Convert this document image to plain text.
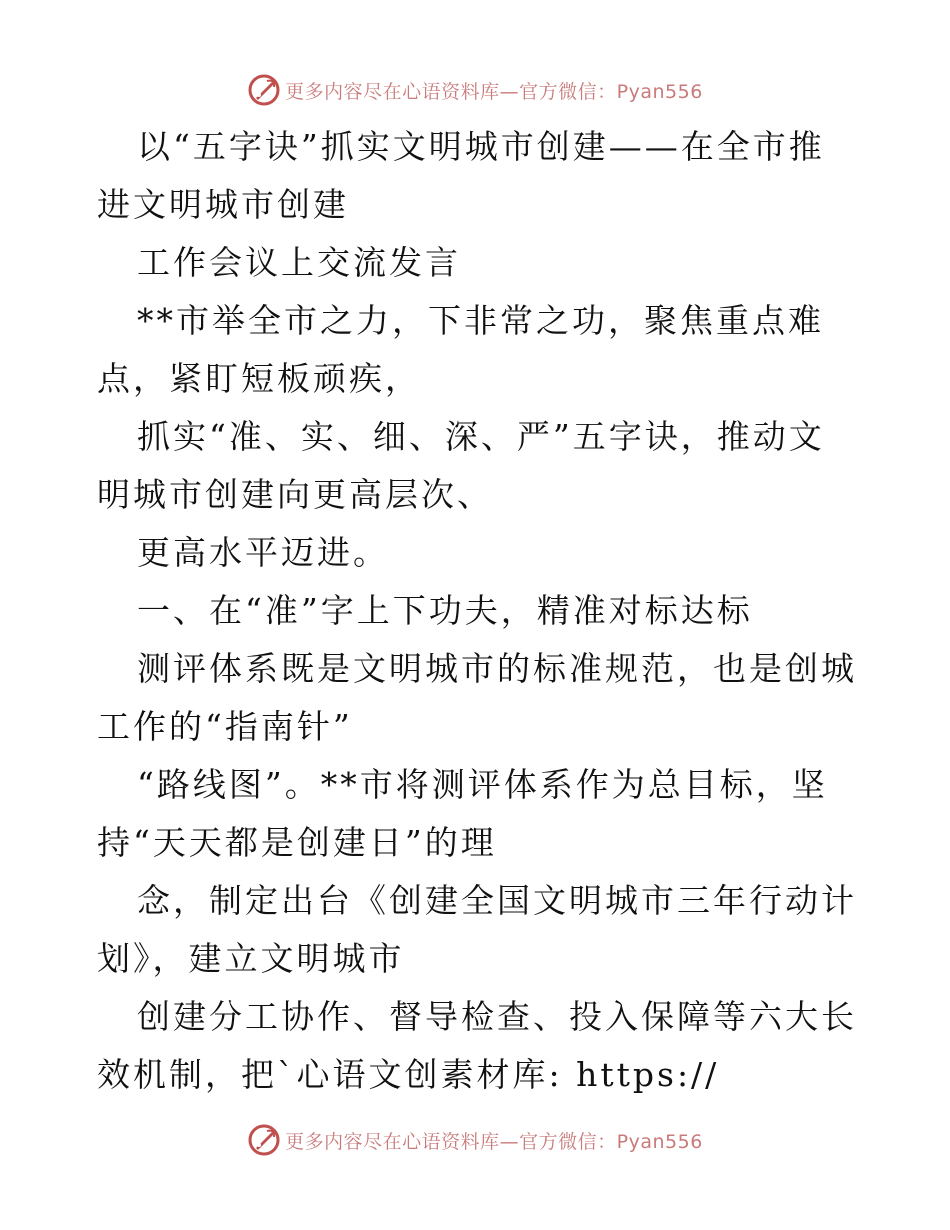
更多内容尽在心语资料库—官方微信：Pyan556

以“五字诀”抓实文明城市创建——在全市推进文明城市创建

工作会议上交流发言

**市举全市之力，下非常之功，聚焦重点难点，紧盯短板顽疾，

抓实“准、实、细、深、严”五字诀，推动文明城市创建向更高层次、

更高水平迈进。

一、在“准”字上下功夫，精准对标达标

测评体系既是文明城市的标准规范，也是创城工作的“指南针”

“路线图”。**市将测评体系作为总目标，坚持“天天都是创建日”的理

念，制定出台《创建全国文明城市三年行动计划》，建立文明城市

创建分工协作、督导检查、投入保障等六大长效机制，把`心语文创素材库: https://

更多内容尽在心语资料库—官方微信：Pyan556
